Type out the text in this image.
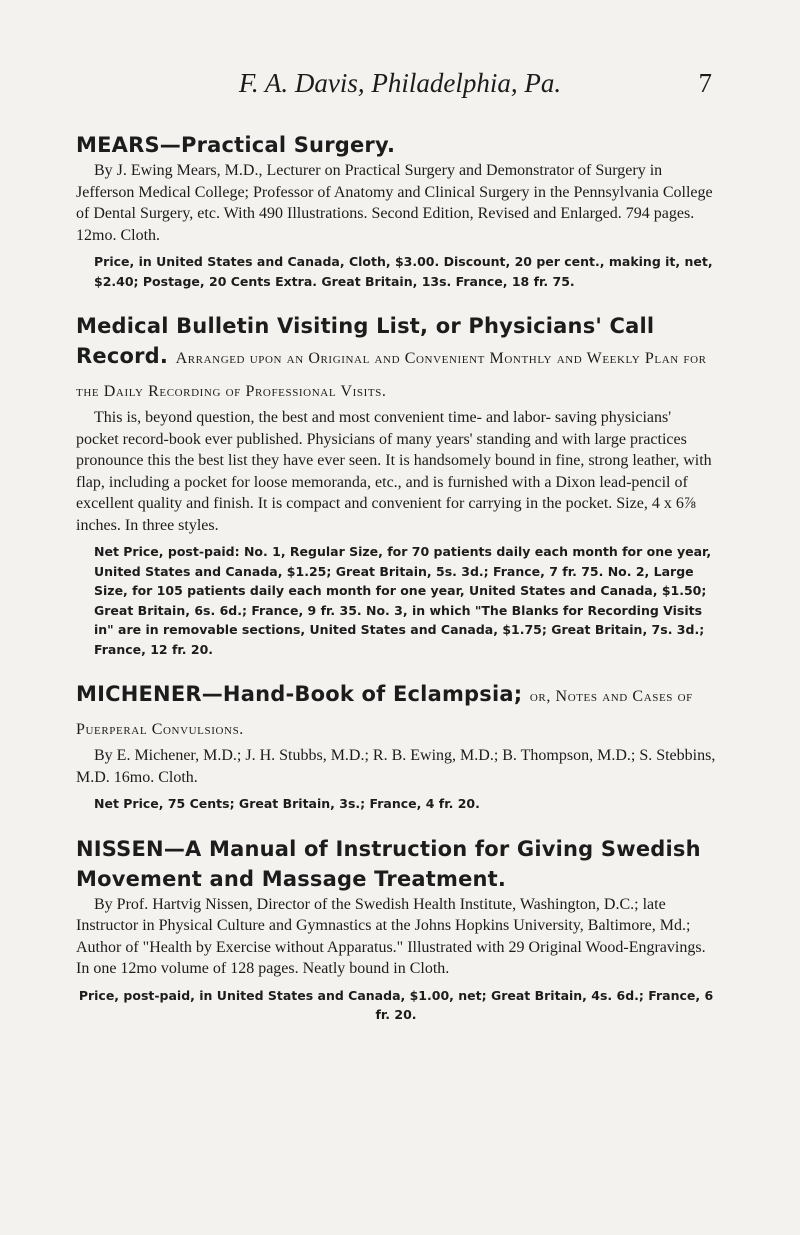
F. A. Davis, Philadelphia, Pa.	7
MEARS—Practical Surgery.
By J. Ewing Mears, M.D., Lecturer on Practical Surgery and Demonstrator of Surgery in Jefferson Medical College; Professor of Anatomy and Clinical Surgery in the Pennsylvania College of Dental Surgery, etc. With 490 Illustrations. Second Edition, Revised and Enlarged. 794 pages. 12mo. Cloth.
Price, in United States and Canada, Cloth, $3.00. Discount, 20 per cent., making it, net, $2.40; Postage, 20 Cents Extra. Great Britain, 13s. France, 18 fr. 75.
Medical Bulletin Visiting List, or Physicians' Call Record. Arranged upon an Original and Convenient Monthly and Weekly Plan for the Daily Recording of Professional Visits.
This is, beyond question, the best and most convenient time- and labor- saving physicians' pocket record-book ever published. Physicians of many years' standing and with large practices pronounce this the best list they have ever seen. It is handsomely bound in fine, strong leather, with flap, including a pocket for loose memoranda, etc., and is furnished with a Dixon lead-pencil of excellent quality and finish. It is compact and convenient for carrying in the pocket. Size, 4 x 6⅞ inches. In three styles.
Net Price, post-paid: No. 1, Regular Size, for 70 patients daily each month for one year, United States and Canada, $1.25; Great Britain, 5s. 3d.; France, 7 fr. 75. No. 2, Large Size, for 105 patients daily each month for one year, United States and Canada, $1.50; Great Britain, 6s. 6d.; France, 9 fr. 35. No. 3, in which "The Blanks for Recording Visits in" are in removable sections, United States and Canada, $1.75; Great Britain, 7s. 3d.; France, 12 fr. 20.
MICHENER—Hand-Book of Eclampsia; or, Notes and Cases of Puerperal Convulsions.
By E. Michener, M.D.; J. H. Stubbs, M.D.; R. B. Ewing, M.D.; B. Thompson, M.D.; S. Stebbins, M.D. 16mo. Cloth.
Net Price, 75 Cents; Great Britain, 3s.; France, 4 fr. 20.
NISSEN—A Manual of Instruction for Giving Swedish Movement and Massage Treatment.
By Prof. Hartvig Nissen, Director of the Swedish Health Institute, Washington, D.C.; late Instructor in Physical Culture and Gymnastics at the Johns Hopkins University, Baltimore, Md.; Author of "Health by Exercise without Apparatus." Illustrated with 29 Original Wood-Engravings. In one 12mo volume of 128 pages. Neatly bound in Cloth.
Price, post-paid, in United States and Canada, $1.00, net; Great Britain, 4s. 6d.; France, 6 fr. 20.
